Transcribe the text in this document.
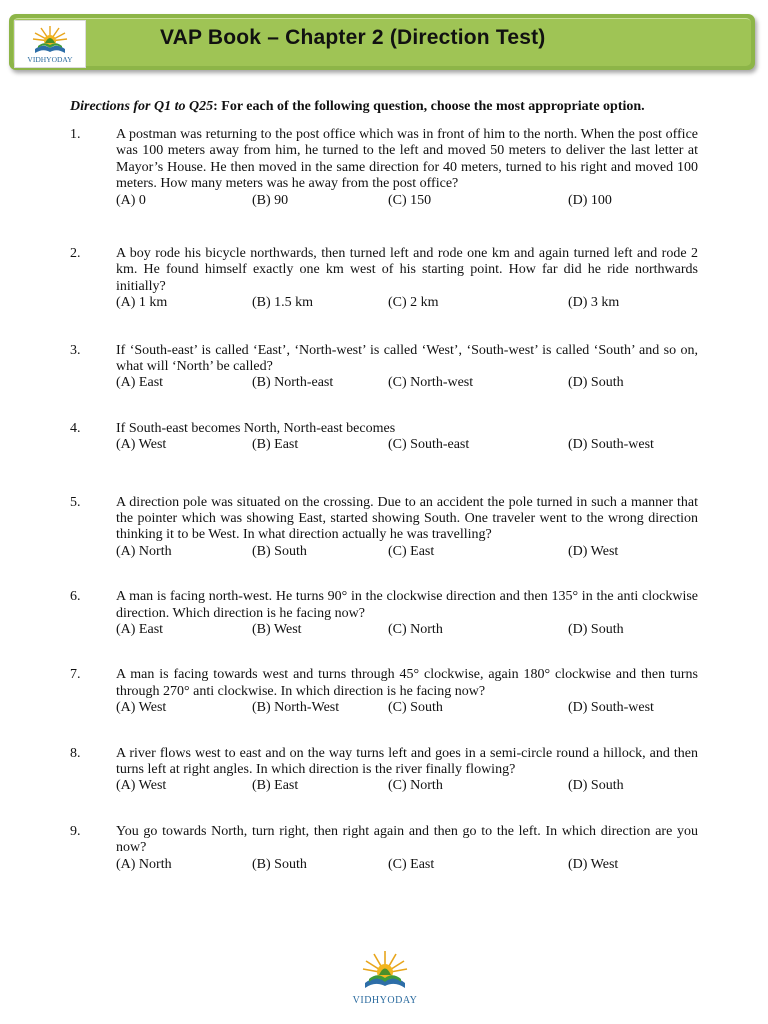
VIDHYODAY
VAP Book – Chapter 2 (Direction Test)
Directions for Q1 to Q25: For each of the following question, choose the most appropriate option.
1.	A postman was returning to the post office which was in front of him to the north. When the post office was 100 meters away from him, he turned to the left and moved 50 meters to deliver the last letter at Mayor’s House. He then moved in the same direction for 40 meters, turned to his right and moved 100 meters. How many meters was he away from the post office?
(A) 0	(B) 90	(C) 150	(D) 100
2.	A boy rode his bicycle northwards, then turned left and rode one km and again turned left and rode 2 km. He found himself exactly one km west of his starting point. How far did he ride northwards initially?
(A) 1 km	(B) 1.5 km	(C) 2 km	(D) 3 km
3.	If ‘South-east’ is called ‘East’, ‘North-west’ is called ‘West’, ‘South-west’ is called ‘South’ and so on, what will ‘North’ be called?
(A) East	(B) North-east	(C) North-west	(D) South
4.	If South-east becomes North, North-east becomes
(A) West	(B) East	(C) South-east	(D) South-west
5.	A direction pole was situated on the crossing. Due to an accident the pole turned in such a manner that the pointer which was showing East, started showing South. One traveler went to the wrong direction thinking it to be West. In what direction actually he was travelling?
(A) North	(B) South	(C) East	(D) West
6.	A man is facing north-west. He turns 90° in the clockwise direction and then 135° in the anti clockwise direction. Which direction is he facing now?
(A) East	(B) West	(C) North	(D) South
7.	A man is facing towards west and turns through 45° clockwise, again 180° clockwise and then turns through 270° anti clockwise. In which direction is he facing now?
(A) West	(B) North-West	(C) South	(D) South-west
8.	A river flows west to east and on the way turns left and goes in a semi-circle round a hillock, and then turns left at right angles. In which direction is the river finally flowing?
(A) West	(B) East	(C) North	(D) South
9.	You go towards North, turn right, then right again and then go to the left. In which direction are you now?
(A) North	(B) South	(C) East	(D) West
VIDHYODAY
